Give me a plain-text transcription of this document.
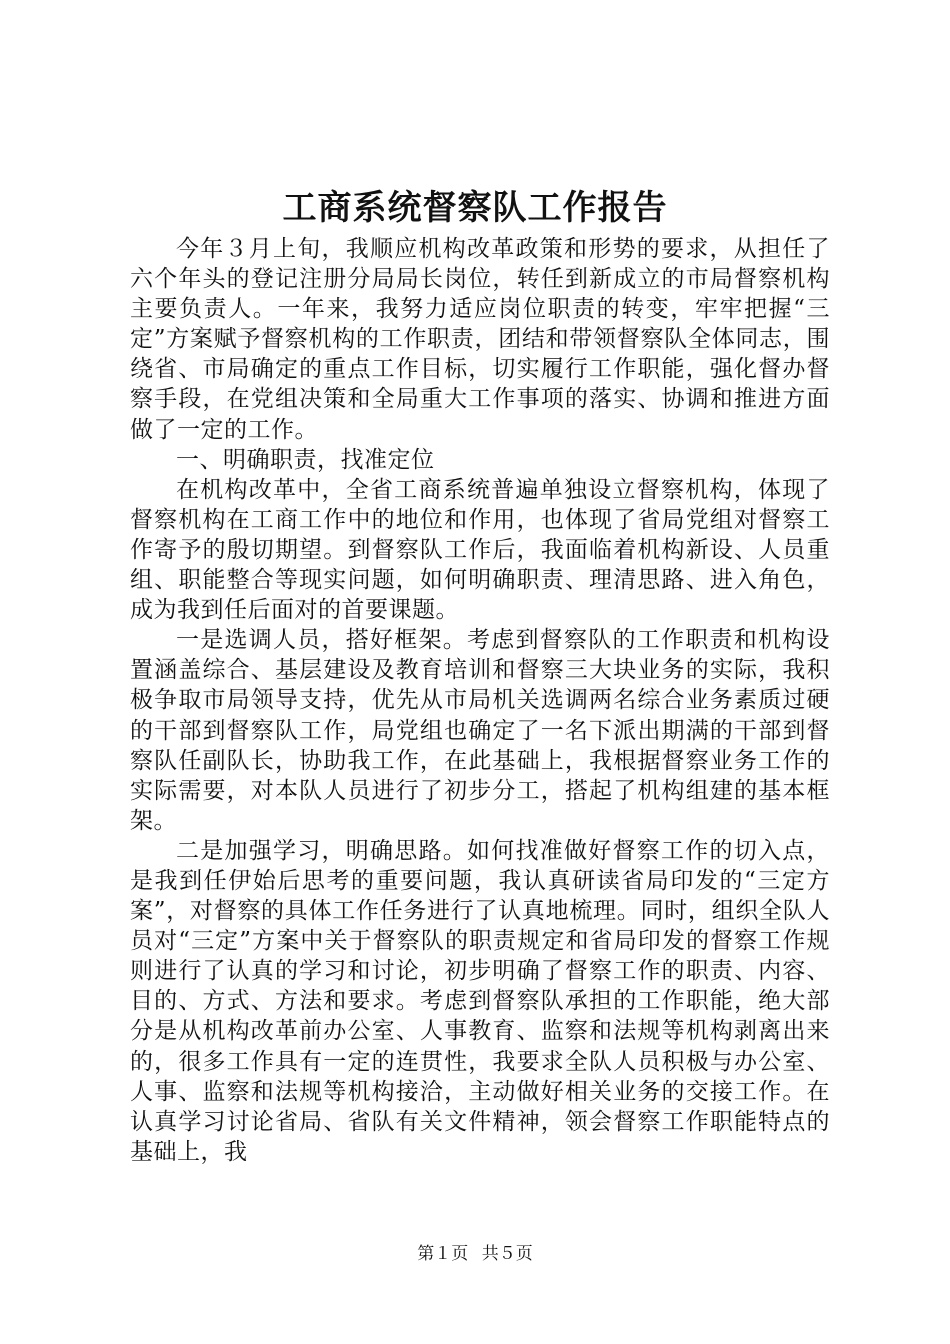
工商系统督察队工作报告

今年３月上旬，我顺应机构改革政策和形势的要求，从担任了六个年头的登记注册分局局长岗位，转任到新成立的市局督察机构主要负责人。一年来，我努力适应岗位职责的转变，牢牢把握“三定”方案赋予督察机构的工作职责，团结和带领督察队全体同志，围绕省、市局确定的重点工作目标，切实履行工作职能，强化督办督察手段，在党组决策和全局重大工作事项的落实、协调和推进方面做了一定的工作。

一、明确职责，找准定位

在机构改革中，全省工商系统普遍单独设立督察机构，体现了督察机构在工商工作中的地位和作用，也体现了省局党组对督察工作寄予的殷切期望。到督察队工作后，我面临着机构新设、人员重组、职能整合等现实问题，如何明确职责、理清思路、进入角色，成为我到任后面对的首要课题。

一是选调人员，搭好框架。考虑到督察队的工作职责和机构设置涵盖综合、基层建设及教育培训和督察三大块业务的实际，我积极争取市局领导支持，优先从市局机关选调两名综合业务素质过硬的干部到督察队工作，局党组也确定了一名下派出期满的干部到督察队任副队长，协助我工作，在此基础上，我根据督察业务工作的实际需要，对本队人员进行了初步分工，搭起了机构组建的基本框架。

二是加强学习，明确思路。如何找准做好督察工作的切入点，是我到任伊始后思考的重要问题，我认真研读省局印发的“三定方案”，对督察的具体工作任务进行了认真地梳理。同时，组织全队人员对“三定”方案中关于督察队的职责规定和省局印发的督察工作规则进行了认真的学习和讨论，初步明确了督察工作的职责、内容、目的、方式、方法和要求。考虑到督察队承担的工作职能，绝大部分是从机构改革前办公室、人事教育、监察和法规等机构剥离出来的，很多工作具有一定的连贯性，我要求全队人员积极与办公室、人事、监察和法规等机构接洽，主动做好相关业务的交接工作。在认真学习讨论省局、省队有关文件精神，领会督察工作职能特点的基础上，我

第１页 共５页
